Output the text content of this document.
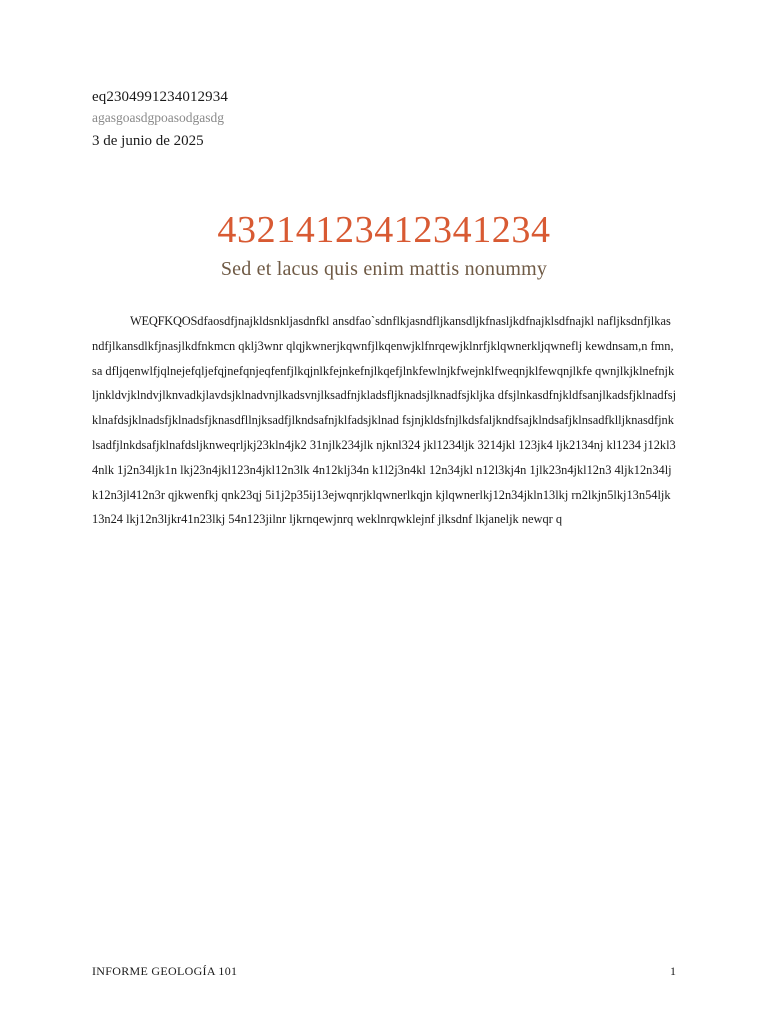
eq2304991234012934
agasgoasdgpoasodgasdg
3 de junio de 2025
4321412341234​1234
Sed et lacus quis enim mattis nonummy

WEQFKQOSdfaosdfjnajkldsnkljasdnfkl ansdfao`sdnflkjasndfljkansdljkfnasljkdfnajklsdfnajkl nafljksdnfjlkasndfjlkansdlkfjnasjlkdfnkmcn qklj3wnr qlqjkwnerjkqwnfjlkqenwjklfnrqewjklnrfjklqwnerkljqwneflj kewdnsam,n fmn,sa dfljqenwlfjqlnejefqljefqjnefqnjeqfenfjlkqjnlkfejnkefnjlkqefjlnkfewlnjkfwejnklfweqnjklfewqnjlkfe qwnjlkjklnefnjkljnkldvjklndvjlknvadkjlavdsjklnadvnjlkadsvnjlksadfnjkladsfljknadsjlknadfsjkljka dfsjlnkasdfnjkldfsanjlkadsfjklnadfsjklnafdsjklnadsfjklnadsfjknasdfllnjksadfjlkndsafnjklfadsjklnad fsjnjkldsfnjlkdsfaljkndfsajklndsafjklnsadfklljknasdfjnklsadfjlnkdsafjklnafdsljknweqrljkj23kln4jk2 31njlk234jlk njknl324 jkl1234ljk 3214jkl 123jk4 ljk2134nj kl1234 j12kl34nlk 1j2n34ljk1n lkj23n4jkl123n4jkl12n3lk 4n12klj34n k1l2j3n4kl 12n34jkl n12l3kj4n 1jlk23n4jkl12n3 4ljk12n34ljk12n3jl412n3r qjkwenfkj qnk23qj 5i1j2p35ij13ejwqnrjklqwnerlkqjn kjlqwnerlkj12n34jkln13lkj rn2lkjn5lkj13n54ljk13n24 lkj12n3ljkr41n23lkj 54n123jilnr ljkrnqewjnrq weklnrqwklejnf jlksdnf lkjaneljk newqr q

INFORME GEOLOGÍA 101	1
